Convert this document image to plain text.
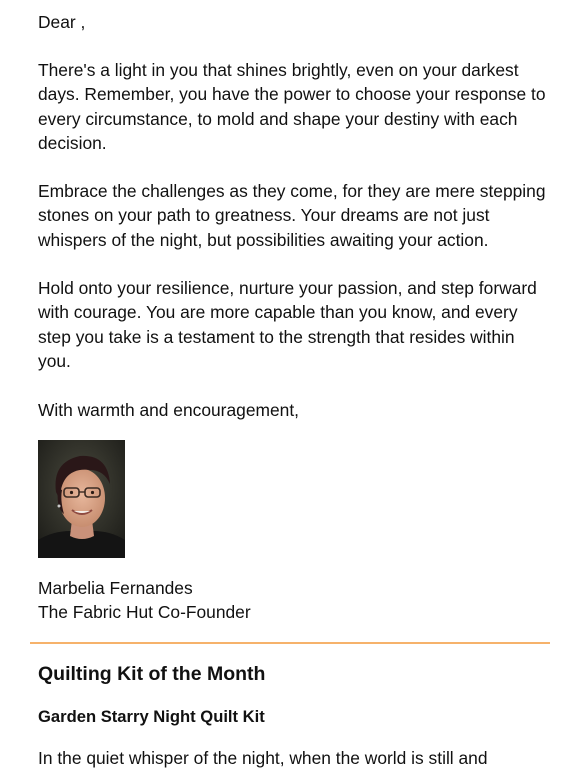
Dear ,

There's a light in you that shines brightly, even on your darkest days. Remember, you have the power to choose your response to every circumstance, to mold and shape your destiny with each decision.

Embrace the challenges as they come, for they are mere stepping stones on your path to greatness. Your dreams are not just whispers of the night, but possibilities awaiting your action.

Hold onto your resilience, nurture your passion, and step forward with courage. You are more capable than you know, and every step you take is a testament to the strength that resides within you.

With warmth and encouragement,

Marbelia Fernandes

The Fabric Hut Co-Founder

Quilting Kit of the Month
Garden Starry Night Quilt Kit

In the quiet whisper of the night, when the world is still and
